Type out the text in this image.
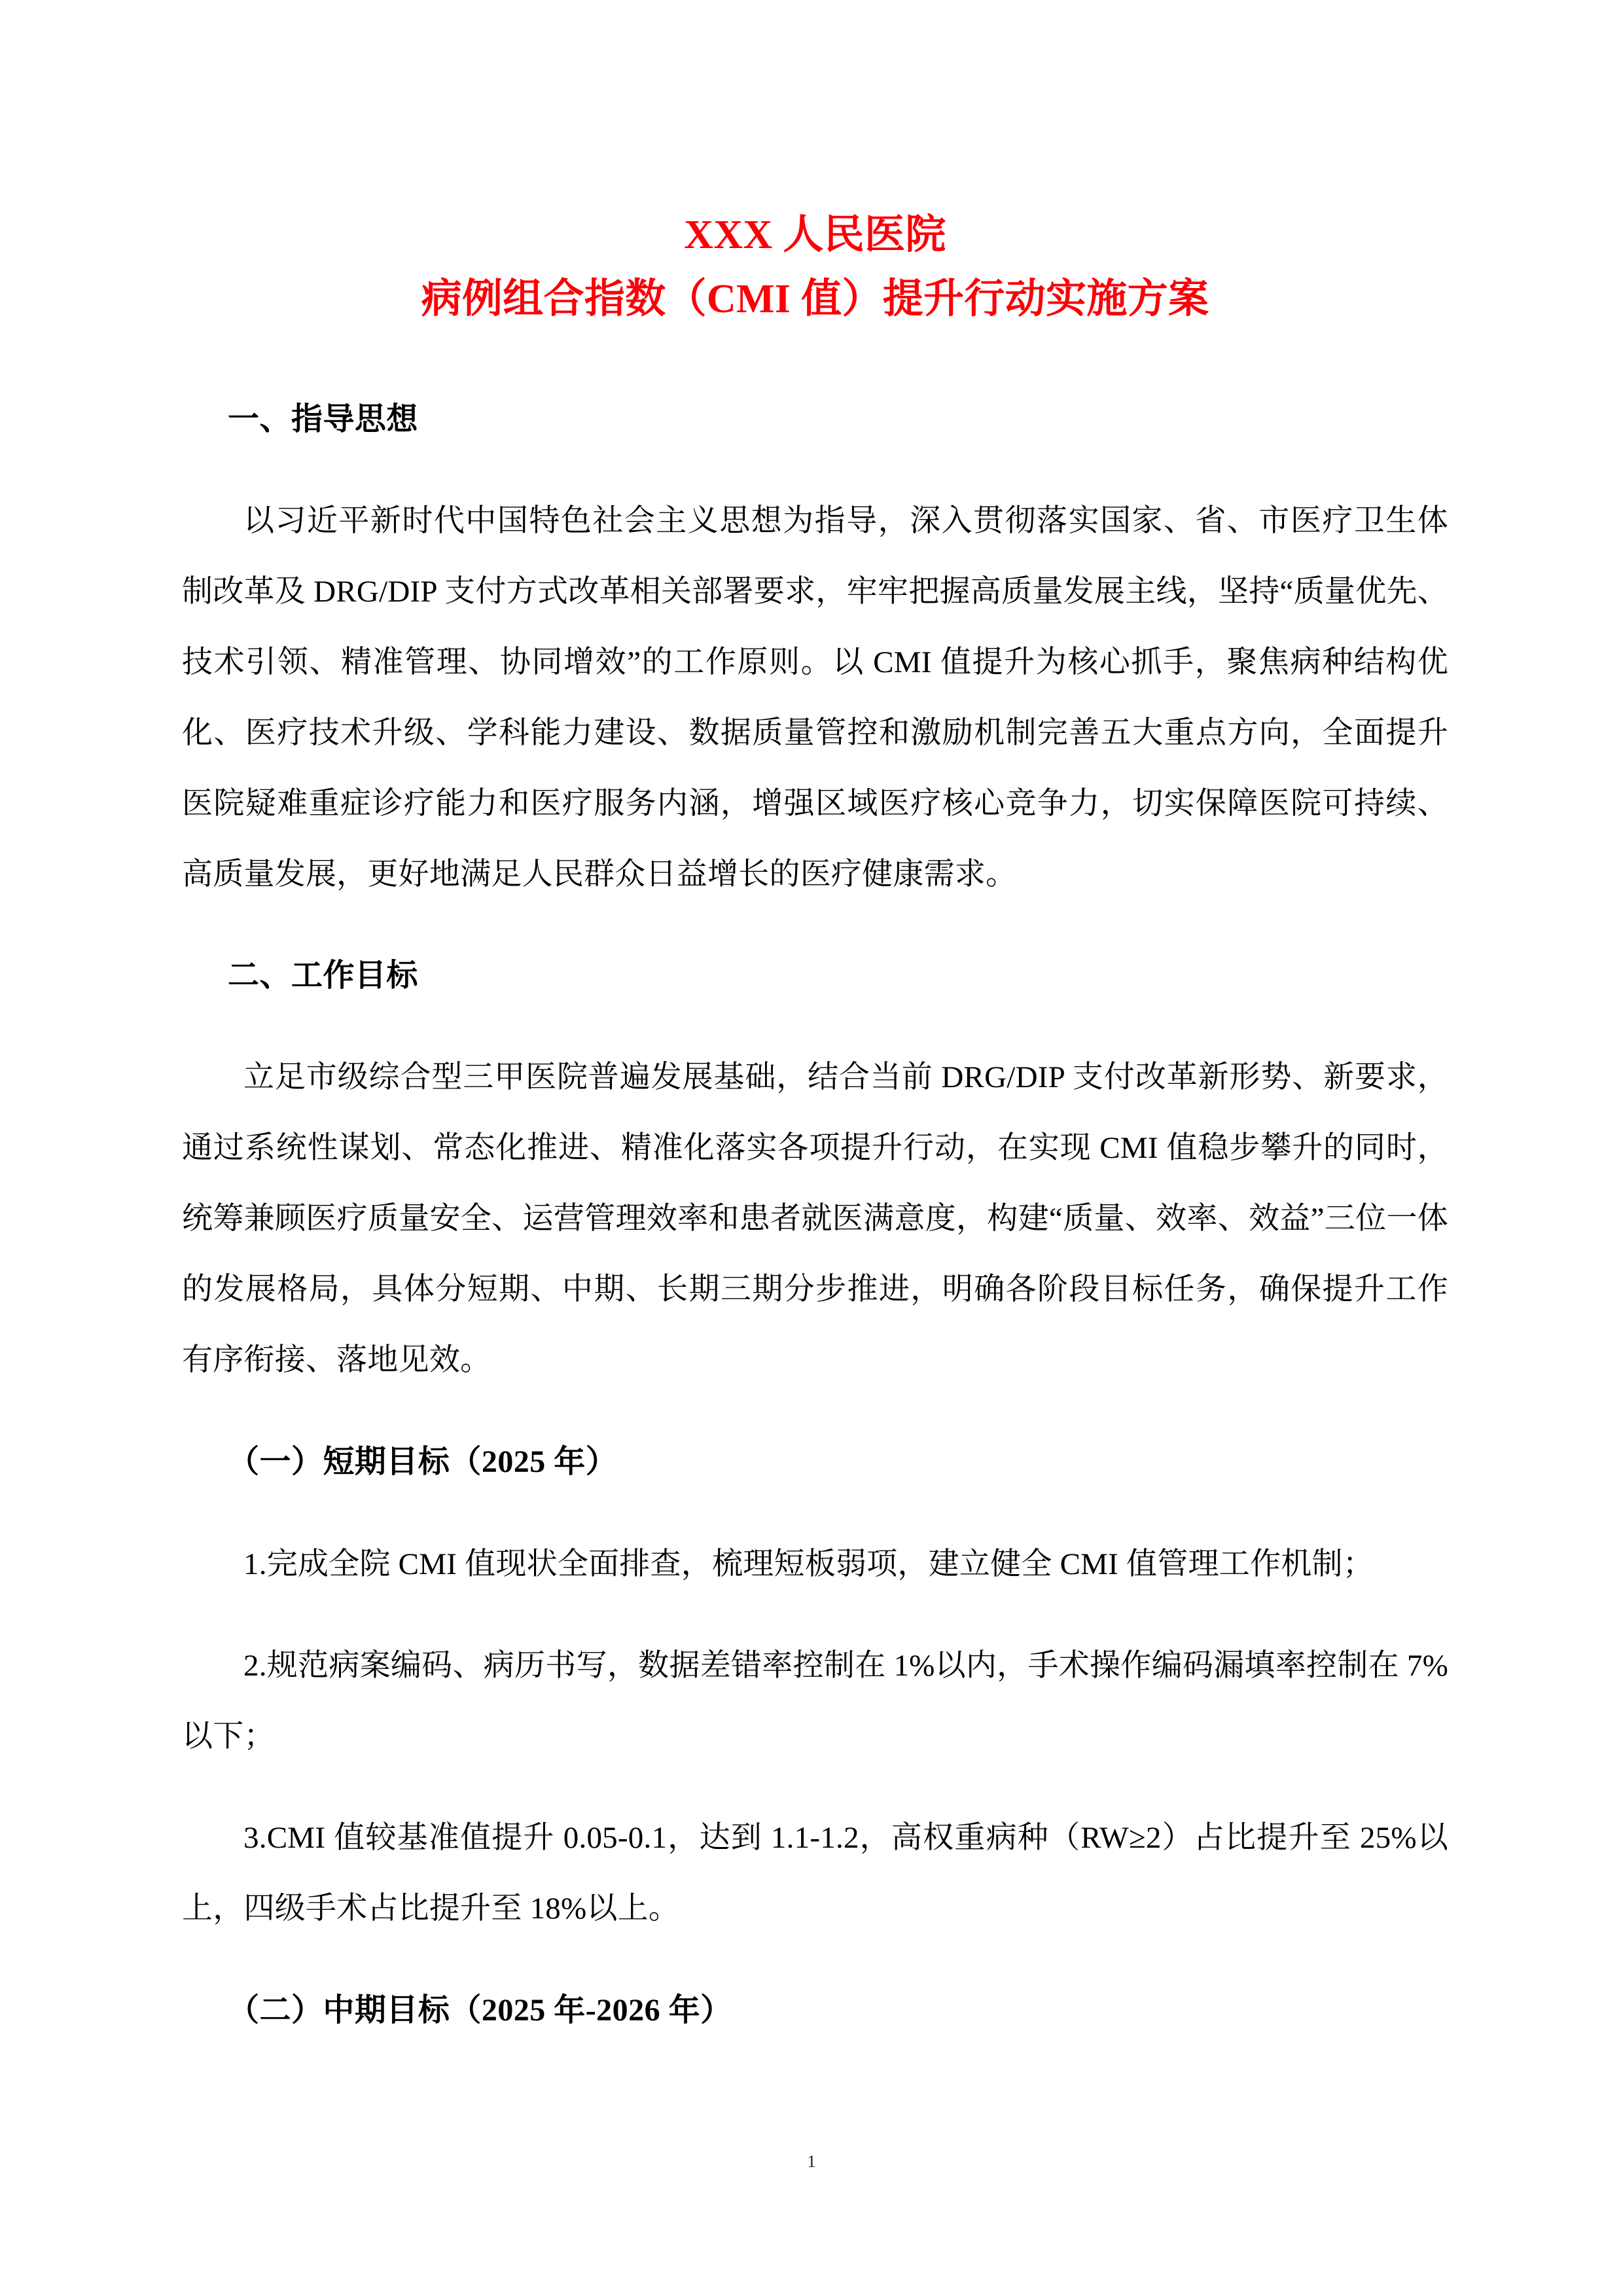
XXX 人民医院
病例组合指数（CMI 值）提升行动实施方案
一、指导思想

以习近平新时代中国特色社会主义思想为指导，深入贯彻落实国家、省、市医疗卫生体制改革及 DRG/DIP 支付方式改革相关部署要求，牢牢把握高质量发展主线，坚持“质量优先、技术引领、精准管理、协同增效”的工作原则。以 CMI 值提升为核心抓手，聚焦病种结构优化、医疗技术升级、学科能力建设、数据质量管控和激励机制完善五大重点方向，全面提升医院疑难重症诊疗能力和医疗服务内涵，增强区域医疗核心竞争力，切实保障医院可持续、高质量发展，更好地满足人民群众日益增长的医疗健康需求。

二、工作目标

立足市级综合型三甲医院普遍发展基础，结合当前 DRG/DIP 支付改革新形势、新要求，通过系统性谋划、常态化推进、精准化落实各项提升行动，在实现 CMI 值稳步攀升的同时，统筹兼顾医疗质量安全、运营管理效率和患者就医满意度，构建“质量、效率、效益”三位一体的发展格局，具体分短期、中期、长期三期分步推进，明确各阶段目标任务，确保提升工作有序衔接、落地见效。

（一）短期目标（2025 年）

1.完成全院 CMI 值现状全面排查，梳理短板弱项，建立健全 CMI 值管理工作机制；

2.规范病案编码、病历书写，数据差错率控制在 1%以内，手术操作编码漏填率控制在 7%以下；

3.CMI 值较基准值提升 0.05-0.1，达到 1.1-1.2，高权重病种（RW≥2）占比提升至 25%以上，四级手术占比提升至 18%以上。

（二）中期目标（2025 年-2026 年）
1
